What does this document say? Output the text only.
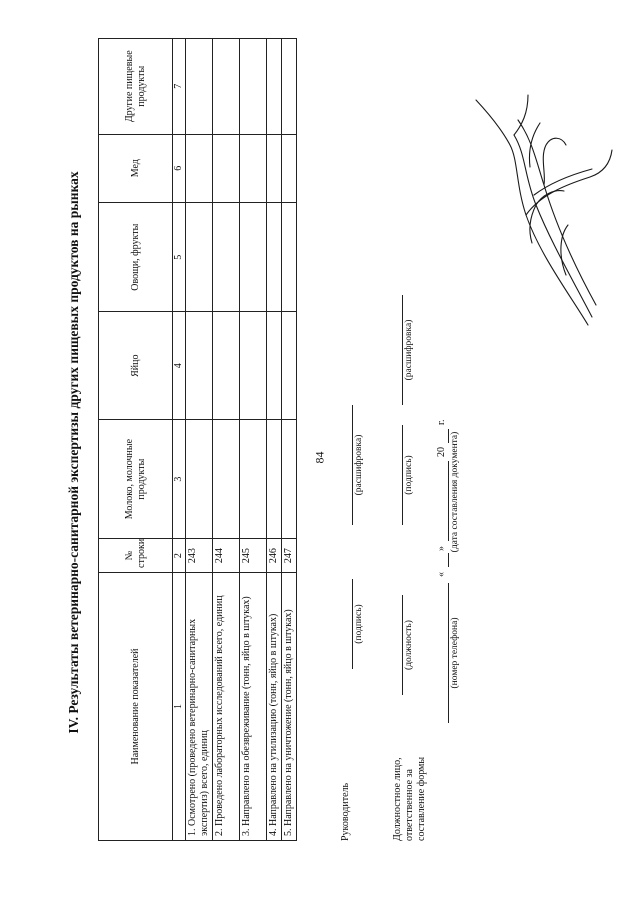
84
IV. Результаты ветеринарно-санитарной экспертизы других пищевых продуктов на рынках	Наименование показателей	№ строки	Молоко, молочные продукты	Яйцо	Овощи, фрукты	Мед	Другие пищевые продукты
1	2	3	4	5	6	7
1. Осмотрено (проведено ветеринарно-санитарных экспертиз) всего, единиц	243					
2. Проведено лабораторных исследований всего, единиц	244					
3. Направлено на обезвреживание (тонн, яйцо в штуках)	245					
4. Направлено на утилизацию (тонн, яйцо в штуках)	246					
5. Направлено на уничтожение (тонн, яйцо в штуках)	247					
Руководитель
(подпись)
(расшифровка)
Должностное лицо, ответственное за составление формы
(должность)
(подпись)
(расшифровка)
(номер телефона)
«
»
20
г.
(дата составления документа)
